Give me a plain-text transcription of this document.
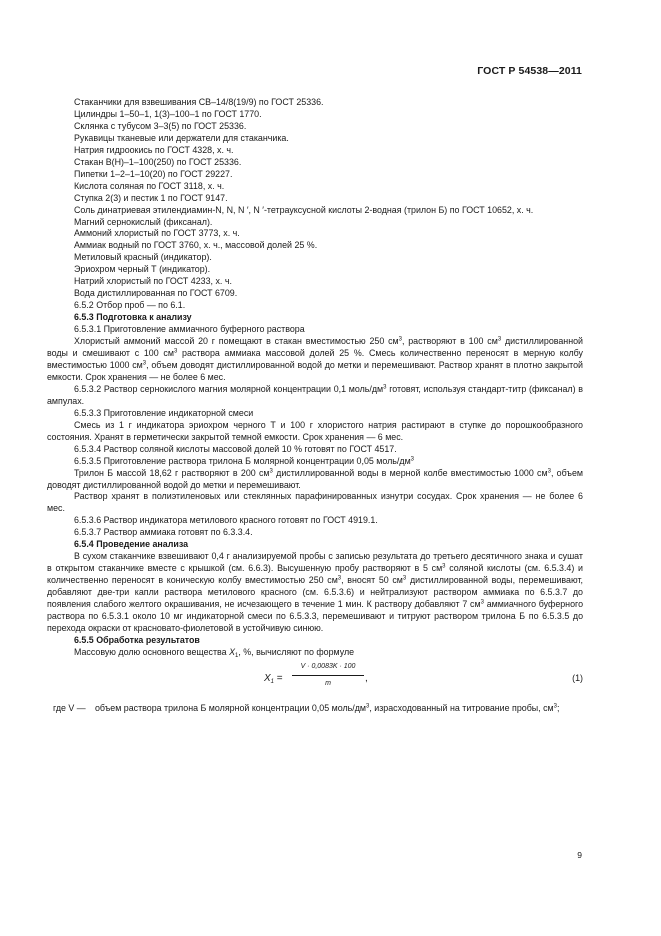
ГОСТ Р 54538—2011

Стаканчики для взвешивания СВ–14/8(19/9) по ГОСТ 25336.

Цилиндры 1–50–1, 1(3)–100–1 по ГОСТ 1770.

Склянка с тубусом 3–3(5) по ГОСТ 25336.

Рукавицы тканевые или держатели для стаканчика.

Натрия гидроокись по ГОСТ 4328, х. ч.

Стакан В(Н)–1–100(250) по ГОСТ 25336.

Пипетки 1–2–1–10(20) по ГОСТ 29227.

Кислота соляная по ГОСТ 3118, х. ч.

Ступка 2(3) и пестик 1 по ГОСТ 9147.

Соль динатриевая этилендиамин-N, N, N ′, N ′-тетрауксусной кислоты 2-водная (трилон Б) по ГОСТ 10652, х. ч.

Магний сернокислый (фиксанал).

Аммоний хлористый по ГОСТ 3773, х. ч.

Аммиак водный по ГОСТ 3760, х. ч., массовой долей 25 %.

Метиловый красный (индикатор).

Эриохром черный Т (индикатор).

Натрий хлористый по ГОСТ 4233, х. ч.

Вода дистиллированная по ГОСТ 6709.

6.5.2 Отбор проб — по 6.1.

6.5.3 Подготовка к анализу

6.5.3.1 Приготовление аммиачного буферного раствора

Хлористый аммоний массой 20 г помещают в стакан вместимостью 250 $см^3$, растворяют в 100 $см^3$ дистиллированной воды и смешивают с 100 $см^3$ раствора аммиака массовой долей 25 %. Смесь количественно переносят в мерную колбу вместимостью 1000 $см^3$, объем доводят дистиллированной водой до метки и перемешивают. Раствор хранят в плотно закрытой емкости. Срок хранения — не более 6 мес.

6.5.3.2 Раствор сернокислого магния молярной концентрации 0,1 моль/$дм^3$ готовят, используя стандарт-титр (фиксанал) в ампулах.

6.5.3.3 Приготовление индикаторной смеси

Смесь из 1 г индикатора эриохром черного Т и 100 г хлористого натрия растирают в ступке до порошкообразного состояния. Хранят в герметически закрытой темной емкости. Срок хранения — 6 мес.

6.5.3.4 Раствор соляной кислоты массовой долей 10 % готовят по ГОСТ 4517.

6.5.3.5 Приготовление раствора трилона Б молярной концентрации 0,05 моль/$дм^3$

Трилон Б массой 18,62 г растворяют в 200 $см^3$ дистиллированной воды в мерной колбе вместимостью 1000 $см^3$, объем доводят дистиллированной водой до метки и перемешивают.

Раствор хранят в полиэтиленовых или стеклянных парафинированных изнутри сосудах. Срок хранения — не более 6 мес.

6.5.3.6 Раствор индикатора метилового красного готовят по ГОСТ 4919.1.

6.5.3.7 Раствор аммиака готовят по 6.3.3.4.

6.5.4 Проведение анализа

В сухом стаканчике взвешивают 0,4 г анализируемой пробы с записью результата до третьего десятичного знака и сушат в открытом стаканчике вместе с крышкой (см. 6.6.3). Высушенную пробу растворяют в 5 $см^3$ соляной кислоты (см. 6.5.3.4) и количественно переносят в коническую колбу вместимостью 250 $см^3$, вносят 50 $см^3$ дистиллированной воды, перемешивают, добавляют две-три капли раствора метилового красного (см. 6.5.3.6) и нейтрализуют раствором аммиака по 6.5.3.7 до появления слабого желтого окрашивания, не исчезающего в течение 1 мин. К раствору добавляют 7 $см^3$ аммиачного буферного раствора по 6.5.3.1 около 10 мг индикаторной смеси по 6.5.3.3, перемешивают и титруют раствором трилона Б по 6.5.3.5 до перехода окраски от красновато-фиолетовой в устойчивую синюю.

6.5.5 Обработка результатов

Массовую долю основного вещества $X_1$, %, вычисляют по формуле

$X_1$ =
V · 0,0083K · 100
m	,	(1)
где V — объем раствора трилона Б молярной концентрации 0,05 моль/$дм^3$, израсходованный на титрование пробы, $см^3$;
9
